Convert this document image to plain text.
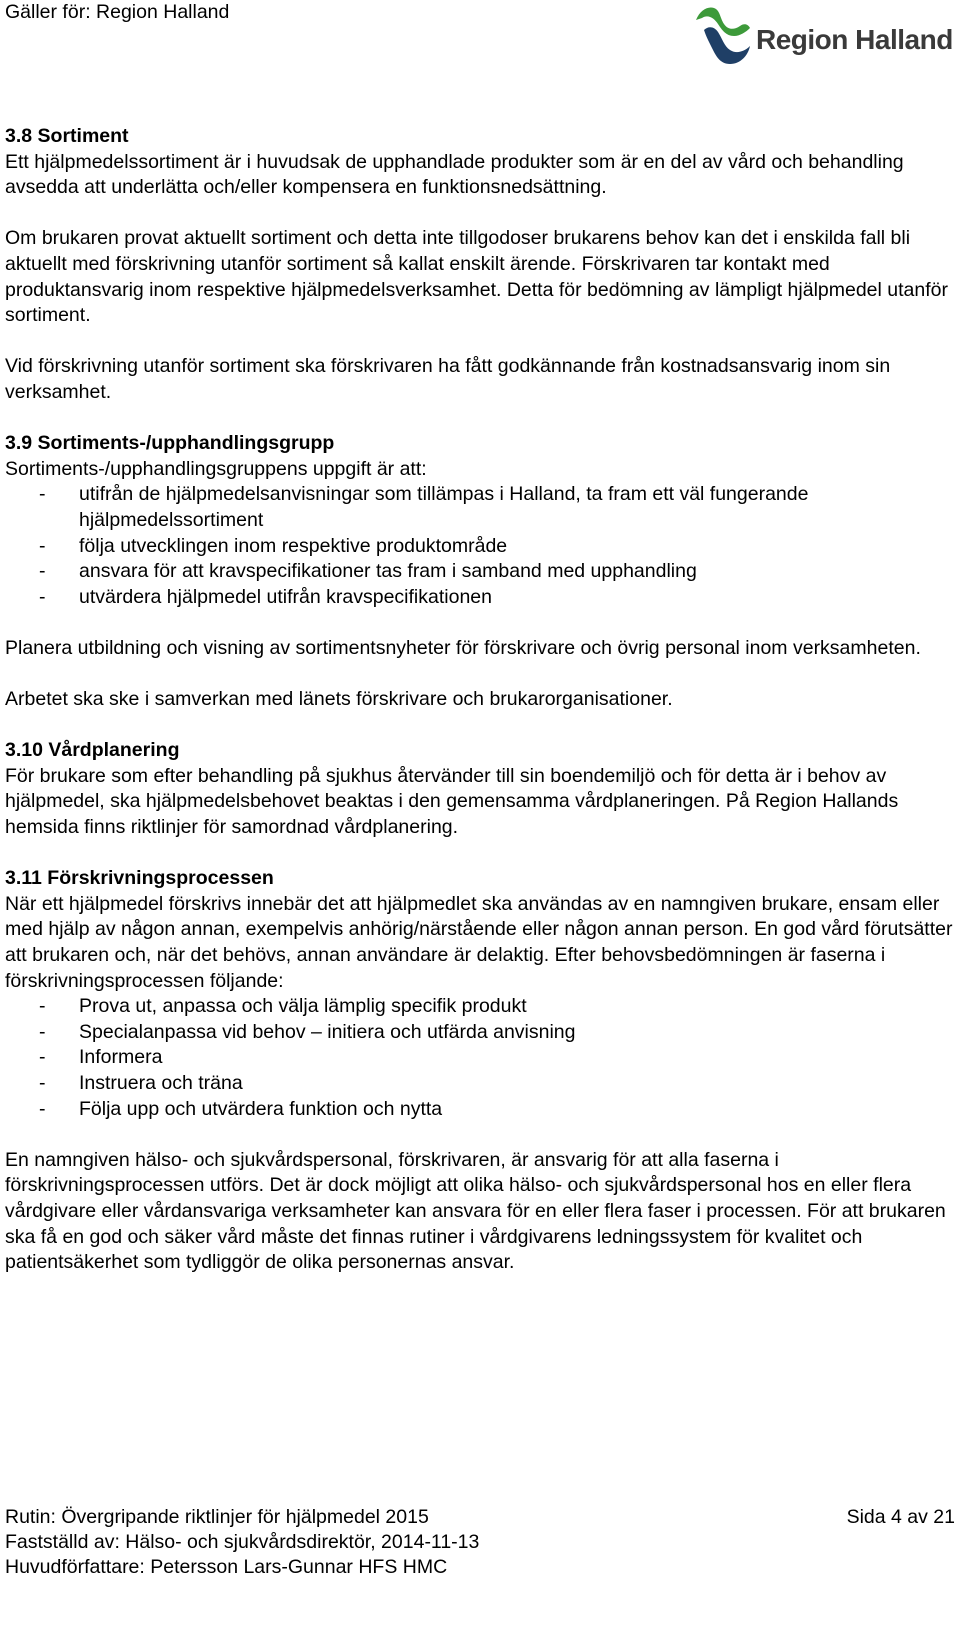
Gäller för: Region Halland
Region Halland

3.8 Sortiment

Ett hjälpmedelssortiment är i huvudsak de upphandlade produkter som är en del av vård och behandling avsedda att underlätta och/eller kompensera en funktionsnedsättning.

Om brukaren provat aktuellt sortiment och detta inte tillgodoser brukarens behov kan det i enskilda fall bli aktuellt med förskrivning utanför sortiment så kallat enskilt ärende. Förskrivaren tar kontakt med produktansvarig inom respektive hjälpmedelsverksamhet. Detta för bedömning av lämpligt hjälpmedel utanför sortiment.

Vid förskrivning utanför sortiment ska förskrivaren ha fått godkännande från kostnadsansvarig inom sin verksamhet.

3.9 Sortiments-/upphandlingsgrupp

Sortiments-/upphandlingsgruppens uppgift är att:

- utifrån de hjälpmedelsanvisningar som tillämpas i Halland, ta fram ett väl fungerande hjälpmedelssortiment
- följa utvecklingen inom respektive produktområde
- ansvara för att kravspecifikationer tas fram i samband med upphandling
- utvärdera hjälpmedel utifrån kravspecifikationen

Planera utbildning och visning av sortimentsnyheter för förskrivare och övrig personal inom verksamheten.

Arbetet ska ske i samverkan med länets förskrivare och brukarorganisationer.

3.10 Vårdplanering

För brukare som efter behandling på sjukhus återvänder till sin boendemiljö och för detta är i behov av hjälpmedel, ska hjälpmedelsbehovet beaktas i den gemensamma vårdplaneringen. På Region Hallands hemsida finns riktlinjer för samordnad vårdplanering.

3.11 Förskrivningsprocessen

När ett hjälpmedel förskrivs innebär det att hjälpmedlet ska användas av en namngiven brukare, ensam eller med hjälp av någon annan, exempelvis anhörig/närstående eller någon annan person. En god vård förutsätter att brukaren och, när det behövs, annan användare är delaktig. Efter behovsbedömningen är faserna i förskrivningsprocessen följande:

- Prova ut, anpassa och välja lämplig specifik produkt
- Specialanpassa vid behov – initiera och utfärda anvisning
- Informera
- Instruera och träna
- Följa upp och utvärdera funktion och nytta

En namngiven hälso- och sjukvårdspersonal, förskrivaren, är ansvarig för att alla faserna i förskrivningsprocessen utförs. Det är dock möjligt att olika hälso- och sjukvårdspersonal hos en eller flera vårdgivare eller vårdansvariga verksamheter kan ansvara för en eller flera faser i processen. För att brukaren ska få en god och säker vård måste det finnas rutiner i vårdgivarens ledningssystem för kvalitet och patientsäkerhet som tydliggör de olika personernas ansvar.

Rutin: Övergripande riktlinjer för hjälpmedel 2015	Sida 4 av 21
Fastställd av: Hälso- och sjukvårdsdirektör, 2014-11-13
Huvudförfattare: Petersson Lars-Gunnar HFS HMC
